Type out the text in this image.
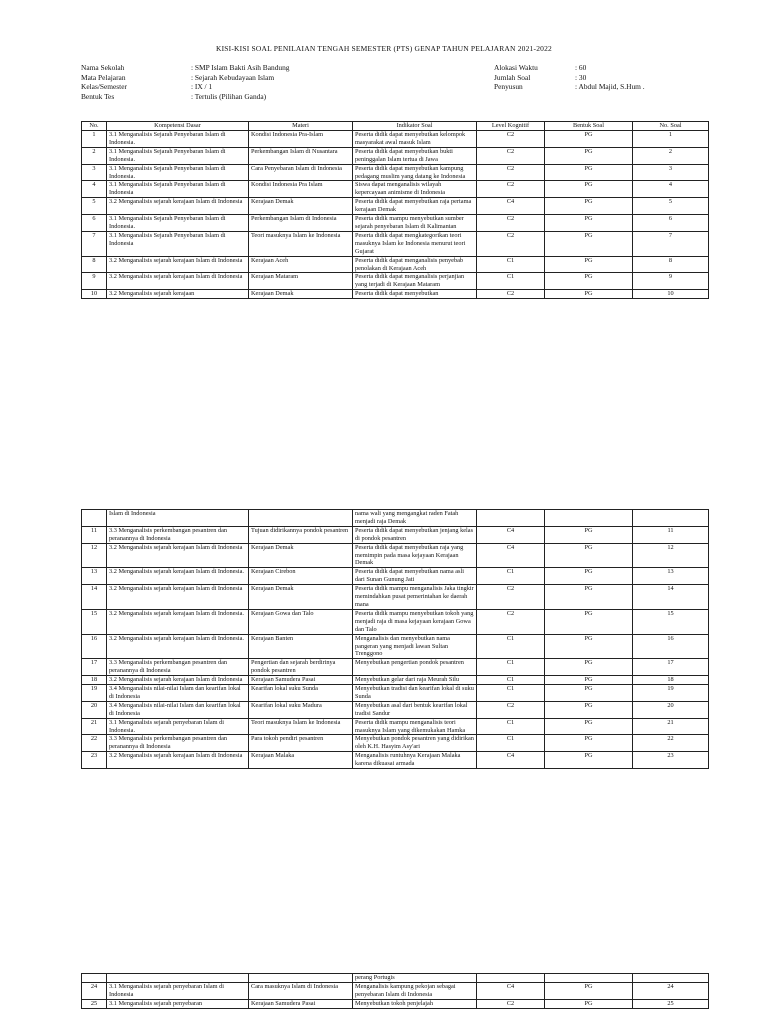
KISI-KISI SOAL PENILAIAN TENGAH SEMESTER (PTS) GENAP TAHUN PELAJARAN 2021-2022
Nama Sekolah	: SMP Islam Bakti Asih Bandung
Mata Pelajaran	: Sejarah Kebudayaan Islam
Kelas/Semester	: IX / 1
Bentuk Tes	: Tertulis (Pilihan Ganda)
Alokasi Waktu	: 60
Jumlah Soal	: 30
Penyusun	: Abdul Majid, S.Hum .
No.	Kompetensi Dasar	Materi	Indikator Soal	Level Kognitif	Bentuk Soal	No. Soal
1	3.1 Menganalisis Sejarah Penyebaran Islam di Indonesia.	Kondisi Indonesia Pra-Islam	Peserta didik dapat menyebutkan kelompok masyarakat awal masuk Islam	C2	PG	1
2	3.1 Menganalisis Sejarah Penyebaran Islam di Indonesia.	Perkembangan Islam di Nusantara	Peserta didik dapat menyebutkan bukti peninggalan Islam tertua di Jawa	C2	PG	2
3	3.1 Menganalisis Sejarah Penyebaran Islam di Indonesia.	Cara Penyebaran Islam di Indonesia	Peserta didik dapat menyebutkan kampung pedagang muslim yang datang ke Indonesia	C2	PG	3
4	3.1 Menganalisis Sejarah Penyebaran Islam di Indonesia	Kondisi Indonesia Pra Islam	Siswa dapat menganalisis wilayah kepercayaan animisme di Indonesia	C2	PG	4
5	3.2 Menganalisis sejarah kerajaan Islam di Indonesia	Kerajaan Demak	Peserta didik dapat menyebutkan raja pertama kerajaan Demak	C4	PG	5
6	3.1 Menganalisis Sejarah Penyebaran Islam di Indonesia.	Perkembangan Islam di Indonesia	Peserta didik mampu menyebutkan sumber sejarah penyebaran Islam di Kalimantan	C2	PG	6
7	3.1 Menganalisis Sejarah Penyebaran Islam di Indonesia	Teori masuknya Islam ke Indonesia	Peserta didik dapat mengkategorikan teori masuknya Islam ke Indonesia menurut teori Gujarat	C2	PG	7
8	3.2 Menganalisis sejarah kerajaan Islam di Indonesia	Kerajaan Aceh	Peserta didik dapat menganalisis penyebab penolakan di Kerajaan Aceh	C1	PG	8
9	3.2 Menganalisis sejarah kerajaan Islam di Indonesia	Kerajaan Mataram	Peserta didik dapat menganalisis perjanjian yang terjadi di Kerajaan Mataram	C1	PG	9
10	3.2 Menganalisis sejarah kerajaan	Kerajaan Demak	Peserta didik dapat menyebutkan	C2	PG	10
	Islam di Indonesia		nama wali yang mengangkat raden Fatah menjadi raja Demak			
11	3.3 Menganalisis perkembangan pesantren dan peranannya di Indonesia	Tujuan didirikannya pondok pesantren	Peserta didik dapat menyebutkan jenjang kelas di pondok pesantren	C4	PG	11
12	3.2 Menganalisis sejarah kerajaan Islam di Indonesia	Kerajaan Demak	Peserta didik dapat menyebutkan raja yang memimpin pada masa kejayaan Kerajaan Demak	C4	PG	12
13	3.2 Menganalisis sejarah kerajaan Islam di Indonesia.	Kerajaan Cirebon	Peserta didik dapat menyebutkan nama asli dari Sunan Gunung Jati	C1	PG	13
14	3.2 Menganalisis sejarah kerajaan Islam di Indonesia	Kerajaan Demak	Peserta didik mampu menganalisis Jaka tingkir memindahkan pusat pemerintahan ke daerah mana	C2	PG	14
15	3.2 Menganalisis sejarah kerajaan Islam di Indonesia.	Kerajaan Gowa dan Talo	Peserta didik mampu menyebutkan tokoh yang menjadi raja di masa kejayaan kerajaan Gowa dan Talo	C2	PG	15
16	3.2 Menganalisis sejarah kerajaan Islam di Indonesia.	Kerajaan Banten	Menganalisis dan menyebutkan nama pangeran yang menjadi lawan Sultan Trenggono	C1	PG	16
17	3.3 Menganalisis perkembangan pesantren dan peranannya di Indonesia	Pengertian dan sejarah berdirinya pondok pesantren	Menyebutkan pengertian pondok pesantren	C1	PG	17
18	3.2 Menganalisis sejarah kerajaan Islam di Indonesia	Kerajaan Samudera Pasai	Menyebutkan gelar dari raja Meurah Silu	C1	PG	18
19	3.4 Menganalisis nilai-nilai Islam dan kearifan lokal di Indonesia	Kearifan lokal suku Sunda	Menyebutkan tradisi dan kearifan lokal di suku Sunda	C1	PG	19
20	3.4 Menganalisis nilai-nilai Islam dan kearifan lokal di Indonesia	Kearifan lokal suku Madura	Menyebutkan asal dari bentuk kearifan lokal tradisi Sandur	C2	PG	20
21	3.1 Menganalisis sejarah penyebaran Islam di Indonesia.	Teori masuknya Islam ke Indonesia	Peserta didik mampu menganalisis teori masuknya Islam yang dikemukakan Hamka	C1	PG	21
22	3.3 Menganalisis perkembangan pesantren dan peranannya di Indonesia	Para tokoh pendiri pesantren	Menyebutkan pondok pesantren yang didirikan oleh K.H. Hasyim Asy'ari	C1	PG	22
23	3.2 Menganalisis sejarah kerajaan Islam di Indonesia	Kerajaan Malaka	Menganalisis runtuhnya Kerajaan Malaka karena dikuasai armada	C4	PG	23
			perang Portugis			
24	3.1 Menganalisis sejarah penyebaran Islam di Indonesia	Cara masuknya Islam di Indonesia	Menganalisis kampung pekojan sebagai penyebaran Islam di Indonesia	C4	PG	24
25	3.1 Menganalisis sejarah penyebaran	Kerajaan Samudera Pasai	Menyebutkan tokoh penjelajah	C2	PG	25
